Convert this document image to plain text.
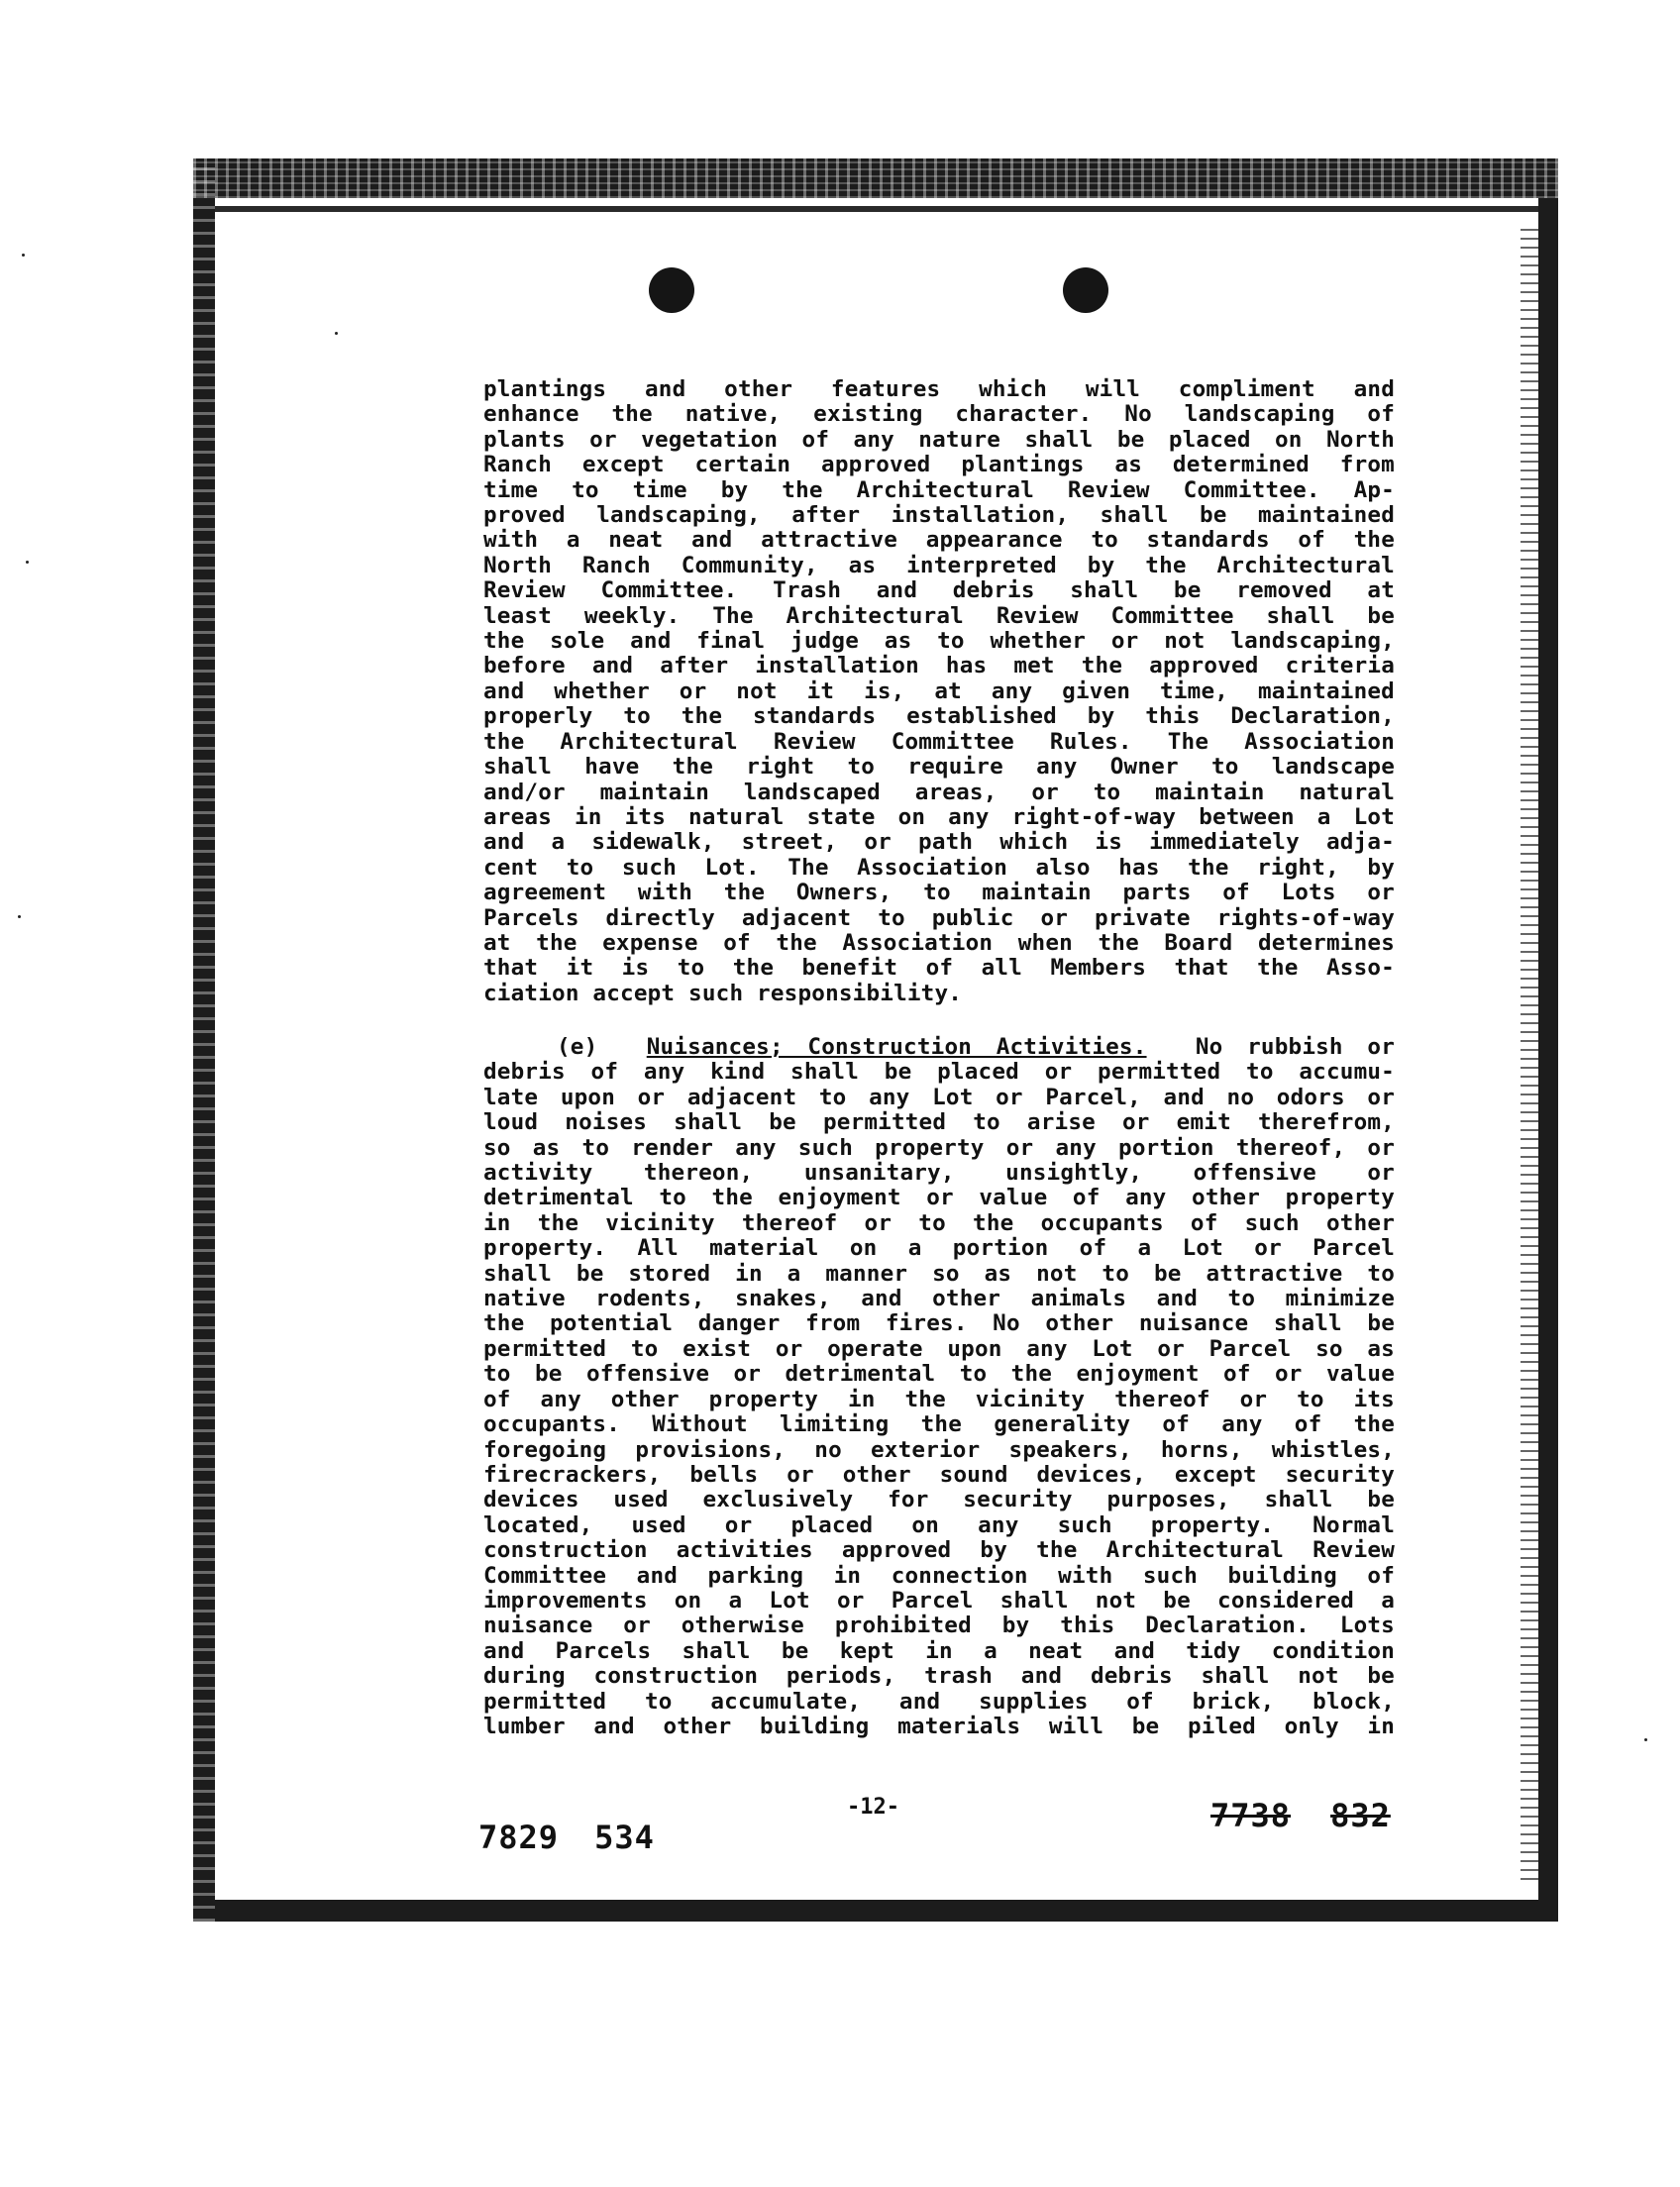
plantings and other features which will compliment and
enhance the native, existing character. No landscaping of
plants or vegetation of any nature shall be placed on North
Ranch except certain approved plantings as determined from
time to time by the Architectural Review Committee. Ap-
proved landscaping, after installation, shall be maintained
with a neat and attractive appearance to standards of the
North Ranch Community, as interpreted by the Architectural
Review Committee. Trash and debris shall be removed at
least weekly. The Architectural Review Committee shall be
the sole and final judge as to whether or not landscaping,
before and after installation has met the approved criteria
and whether or not it is, at any given time, maintained
properly to the standards established by this Declaration,
the Architectural Review Committee Rules. The Association
shall have the right to require any Owner to landscape
and/or maintain landscaped areas, or to maintain natural
areas in its natural state on any right-of-way between a Lot
and a sidewalk, street, or path which is immediately adja-
cent to such Lot. The Association also has the right, by
agreement with the Owners, to maintain parts of Lots or
Parcels directly adjacent to public or private rights-of-way
at the expense of the Association when the Board determines
that it is to the benefit of all Members that the Asso-
ciation accept such responsibility.
(e) Nuisances; Construction Activities. No rubbish or
debris of any kind shall be placed or permitted to accumu-
late upon or adjacent to any Lot or Parcel, and no odors or
loud noises shall be permitted to arise or emit therefrom,
so as to render any such property or any portion thereof, or
activity thereon, unsanitary, unsightly, offensive or
detrimental to the enjoyment or value of any other property
in the vicinity thereof or to the occupants of such other
property. All material on a portion of a Lot or Parcel
shall be stored in a manner so as not to be attractive to
native rodents, snakes, and other animals and to minimize
the potential danger from fires. No other nuisance shall be
permitted to exist or operate upon any Lot or Parcel so as
to be offensive or detrimental to the enjoyment of or value
of any other property in the vicinity thereof or to its
occupants. Without limiting the generality of any of the
foregoing provisions, no exterior speakers, horns, whistles,
firecrackers, bells or other sound devices, except security
devices used exclusively for security purposes, shall be
located, used or placed on any such property. Normal
construction activities approved by the Architectural Review
Committee and parking in connection with such building of
improvements on a Lot or Parcel shall not be considered a
nuisance or otherwise prohibited by this Declaration. Lots
and Parcels shall be kept in a neat and tidy condition
during construction periods, trash and debris shall not be
permitted to accumulate, and supplies of brick, block,
lumber and other building materials will be piled only in
-12-
7829 534
7738 832
